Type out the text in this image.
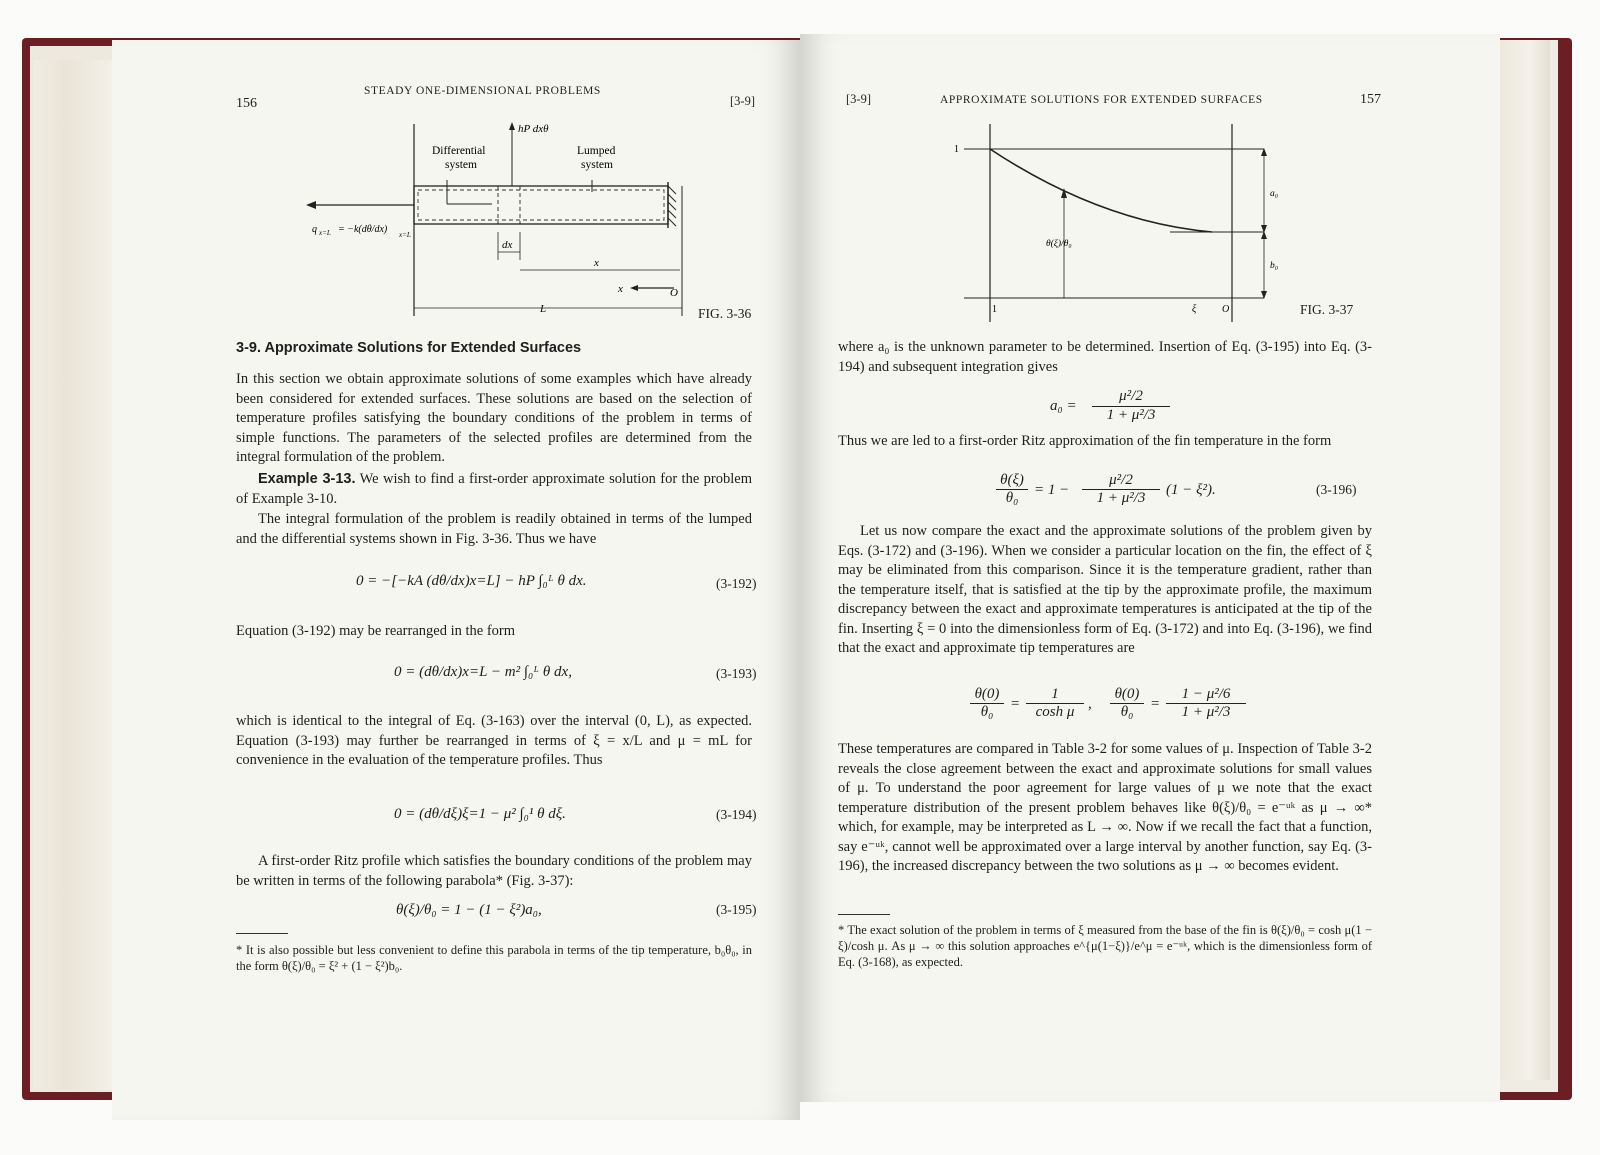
156
STEADY ONE-DIMENSIONAL PROBLEMS
[3-9]
hP dxθ
Differential
system
Lumped
system
q x=L = −k(dθ/dx) x=L
dx
x
x	O
L	FIG. 3-36
3-9. Approximate Solutions for Extended Surfaces

In this section we obtain approximate solutions of some examples which have already been considered for extended surfaces. These solutions are based on the selection of temperature profiles satisfying the boundary conditions of the problem in terms of simple functions. The parameters of the selected profiles are determined from the integral formulation of the problem.

Example 3-13. We wish to find a first-order approximate solution for the problem of Example 3-10.

The integral formulation of the problem is readily obtained in terms of the lumped and the differential systems shown in Fig. 3-36. Thus we have

0 = −[−kA (dθ/dx)x=L] − hP ∫₀ᴸ θ dx.	(3-192)

Equation (3-192) may be rearranged in the form

0 = (dθ/dx)x=L − m² ∫₀ᴸ θ dx,	(3-193)

which is identical to the integral of Eq. (3-163) over the interval (0, L), as expected. Equation (3-193) may further be rearranged in terms of ξ = x/L and μ = mL for convenience in the evaluation of the temperature profiles. Thus

0 = (dθ/dξ)ξ=1 − μ² ∫₀¹ θ dξ.	(3-194)

A first-order Ritz profile which satisfies the boundary conditions of the problem may be written in terms of the following parabola* (Fig. 3-37):

θ(ξ)/θ₀ = 1 − (1 − ξ²)a₀,	(3-195)
* It is also possible but less convenient to define this parabola in terms of the tip temperature, b₀θ₀, in the form θ(ξ)/θ₀ = ξ² + (1 − ξ²)b₀.
[3-9]	APPROXIMATE SOLUTIONS FOR EXTENDED SURFACES	157
1
θ(ξ)/θ₀
a₀
b₀
1	ξ	O	FIG. 3-37

where a₀ is the unknown parameter to be determined. Insertion of Eq. (3-195) into Eq. (3-194) and subsequent integration gives

$a_0 = \frac{\text{μ²/2}}{\text{1 + μ²/3}}$

Thus we are led to a first-order Ritz approximation of the fin temperature in the form

$\frac{\theta(\xi)}{\text{θ₀}} = 1 - \frac{\text{μ²/2}}{\text{1 + μ²/3}} (1 - \xi^2)$.	(3-196)

Let us now compare the exact and the approximate solutions of the problem given by Eqs. (3-172) and (3-196). When we consider a particular location on the fin, the effect of ξ may be eliminated from this comparison. Since it is the temperature gradient, rather than the temperature itself, that is satisfied at the tip by the approximate profile, the maximum discrepancy between the exact and approximate temperatures is anticipated at the tip of the fin. Inserting ξ = 0 into the dimensionless form of Eq. (3-172) and into Eq. (3-196), we find that the exact and approximate tip temperatures are

$\frac{\theta(0)}{\text{θ₀}}$ =
1
cosh μ , $\frac{\theta(0)}{\text{θ₀}}$ =
1 − μ²/6
1 + μ²/3

These temperatures are compared in Table 3-2 for some values of μ. Inspection of Table 3-2 reveals the close agreement between the exact and approximate solutions for small values of μ. To understand the poor agreement for large values of μ we note that the exact temperature distribution of the present problem behaves like θ(ξ)/θ₀ = e⁻ᵘᵏ as μ → ∞* which, for example, may be interpreted as L → ∞. Now if we recall the fact that a function, say e⁻ᵘᵏ, cannot well be approximated over a large interval by another function, say Eq. (3-196), the increased discrepancy between the two solutions as μ → ∞ becomes evident.

* The exact solution of the problem in terms of ξ measured from the base of the fin is θ(ξ)/θ₀ = cosh μ(1 − ξ)/cosh μ. As μ → ∞ this solution approaches e^{μ(1−ξ)}/e^μ = e⁻ᵘᵏ, which is the dimensionless form of Eq. (3-168), as expected.
